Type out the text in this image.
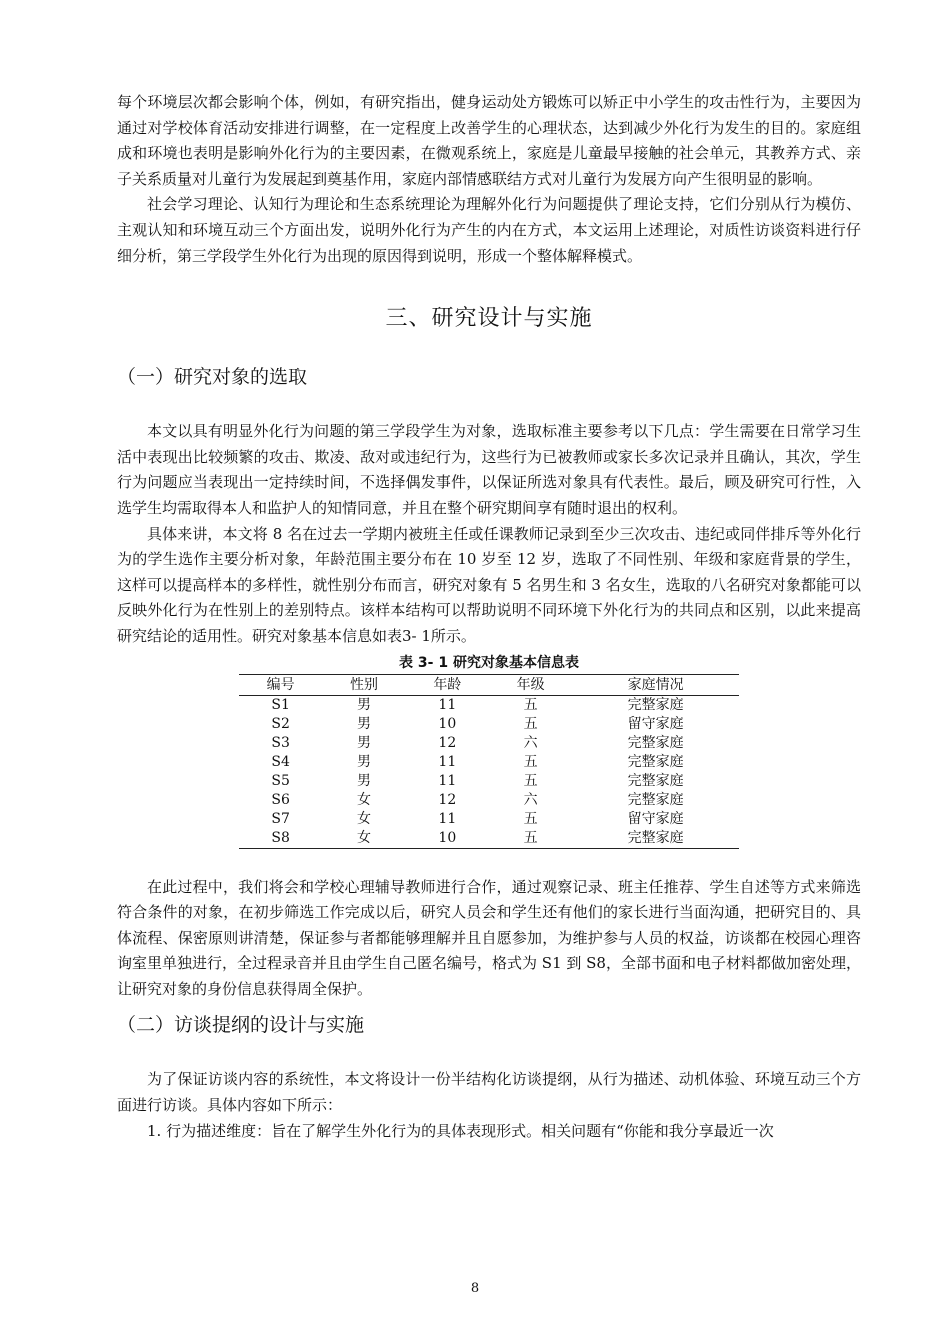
每个环境层次都会影响个体，例如，有研究指出，健身运动处方锻炼可以矫正中小学生的攻击性行为，主要因为通过对学校体育活动安排进行调整，在一定程度上改善学生的心理状态，达到减少外化行为发生的目的。家庭组成和环境也表明是影响外化行为的主要因素，在微观系统上，家庭是儿童最早接触的社会单元，其教养方式、亲子关系质量对儿童行为发展起到奠基作用，家庭内部情感联结方式对儿童行为发展方向产生很明显的影响。

社会学习理论、认知行为理论和生态系统理论为理解外化行为问题提供了理论支持，它们分别从行为模仿、主观认知和环境互动三个方面出发，说明外化行为产生的内在方式，本文运用上述理论，对质性访谈资料进行仔细分析，第三学段学生外化行为出现的原因得到说明，形成一个整体解释模式。

三、研究设计与实施
（一）研究对象的选取

本文以具有明显外化行为问题的第三学段学生为对象，选取标准主要参考以下几点：学生需要在日常学习生活中表现出比较频繁的攻击、欺凌、敌对或违纪行为，这些行为已被教师或家长多次记录并且确认，其次，学生行为问题应当表现出一定持续时间，不选择偶发事件，以保证所选对象具有代表性。最后，顾及研究可行性，入选学生均需取得本人和监护人的知情同意，并且在整个研究期间享有随时退出的权利。

具体来讲，本文将 8 名在过去一学期内被班主任或任课教师记录到至少三次攻击、违纪或同伴排斥等外化行为的学生选作主要分析对象，年龄范围主要分布在 10 岁至 12 岁，选取了不同性别、年级和家庭背景的学生，这样可以提高样本的多样性，就性别分布而言，研究对象有 5 名男生和 3 名女生，选取的八名研究对象都能可以反映外化行为在性别上的差别特点。该样本结构可以帮助说明不同环境下外化行为的共同点和区别，以此来提高研究结论的适用性。研究对象基本信息如表3- 1所示。

表 3- 1 研究对象基本信息表
编号	性别	年龄	年级	家庭情况
S1	男	11	五	完整家庭
S2	男	10	五	留守家庭
S3	男	12	六	完整家庭
S4	男	11	五	完整家庭
S5	男	11	五	完整家庭
S6	女	12	六	完整家庭
S7	女	11	五	留守家庭
S8	女	10	五	完整家庭

在此过程中，我们将会和学校心理辅导教师进行合作，通过观察记录、班主任推荐、学生自述等方式来筛选符合条件的对象，在初步筛选工作完成以后，研究人员会和学生还有他们的家长进行当面沟通，把研究目的、具体流程、保密原则讲清楚，保证参与者都能够理解并且自愿参加，为维护参与人员的权益，访谈都在校园心理咨询室里单独进行，全过程录音并且由学生自己匿名编号，格式为 S1 到 S8，全部书面和电子材料都做加密处理，让研究对象的身份信息获得周全保护。

（二）访谈提纲的设计与实施

为了保证访谈内容的系统性，本文将设计一份半结构化访谈提纲，从行为描述、动机体验、环境互动三个方面进行访谈。具体内容如下所示：

1. 行为描述维度：旨在了解学生外化行为的具体表现形式。相关问题有“你能和我分享最近一次

8
